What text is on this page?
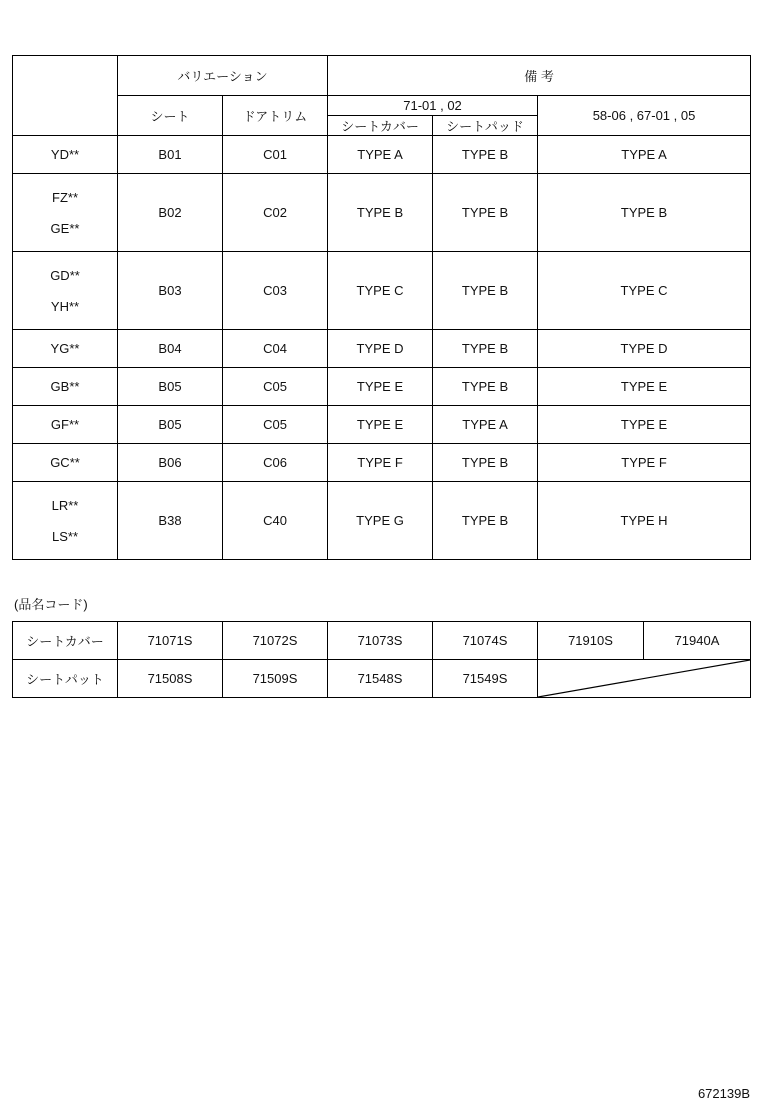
	バリエーション		備 考		
	シート	ドアトリム	71-01 , 02		58-06 , 67-01 , 05
			シートカバー	シートパッド	
YD**	B01	C01	TYPE A	TYPE B	TYPE A

FZ**
GE**	B02	C02	TYPE B	TYPE B	TYPE B

GD**
YH**	B03	C03	TYPE C	TYPE B	TYPE C
YG**	B04	C04	TYPE D	TYPE B	TYPE D
GB**	B05	C05	TYPE E	TYPE B	TYPE E
GF**	B05	C05	TYPE E	TYPE A	TYPE E
GC**	B06	C06	TYPE F	TYPE B	TYPE F

LR**
LS**	B38	C40	TYPE G	TYPE B	TYPE H
(品名コード)
シートカバー	71071S	71072S	71073S	71074S	71910S	71940A
シートパット	71508S	71509S	71548S	71549S	
672139B
